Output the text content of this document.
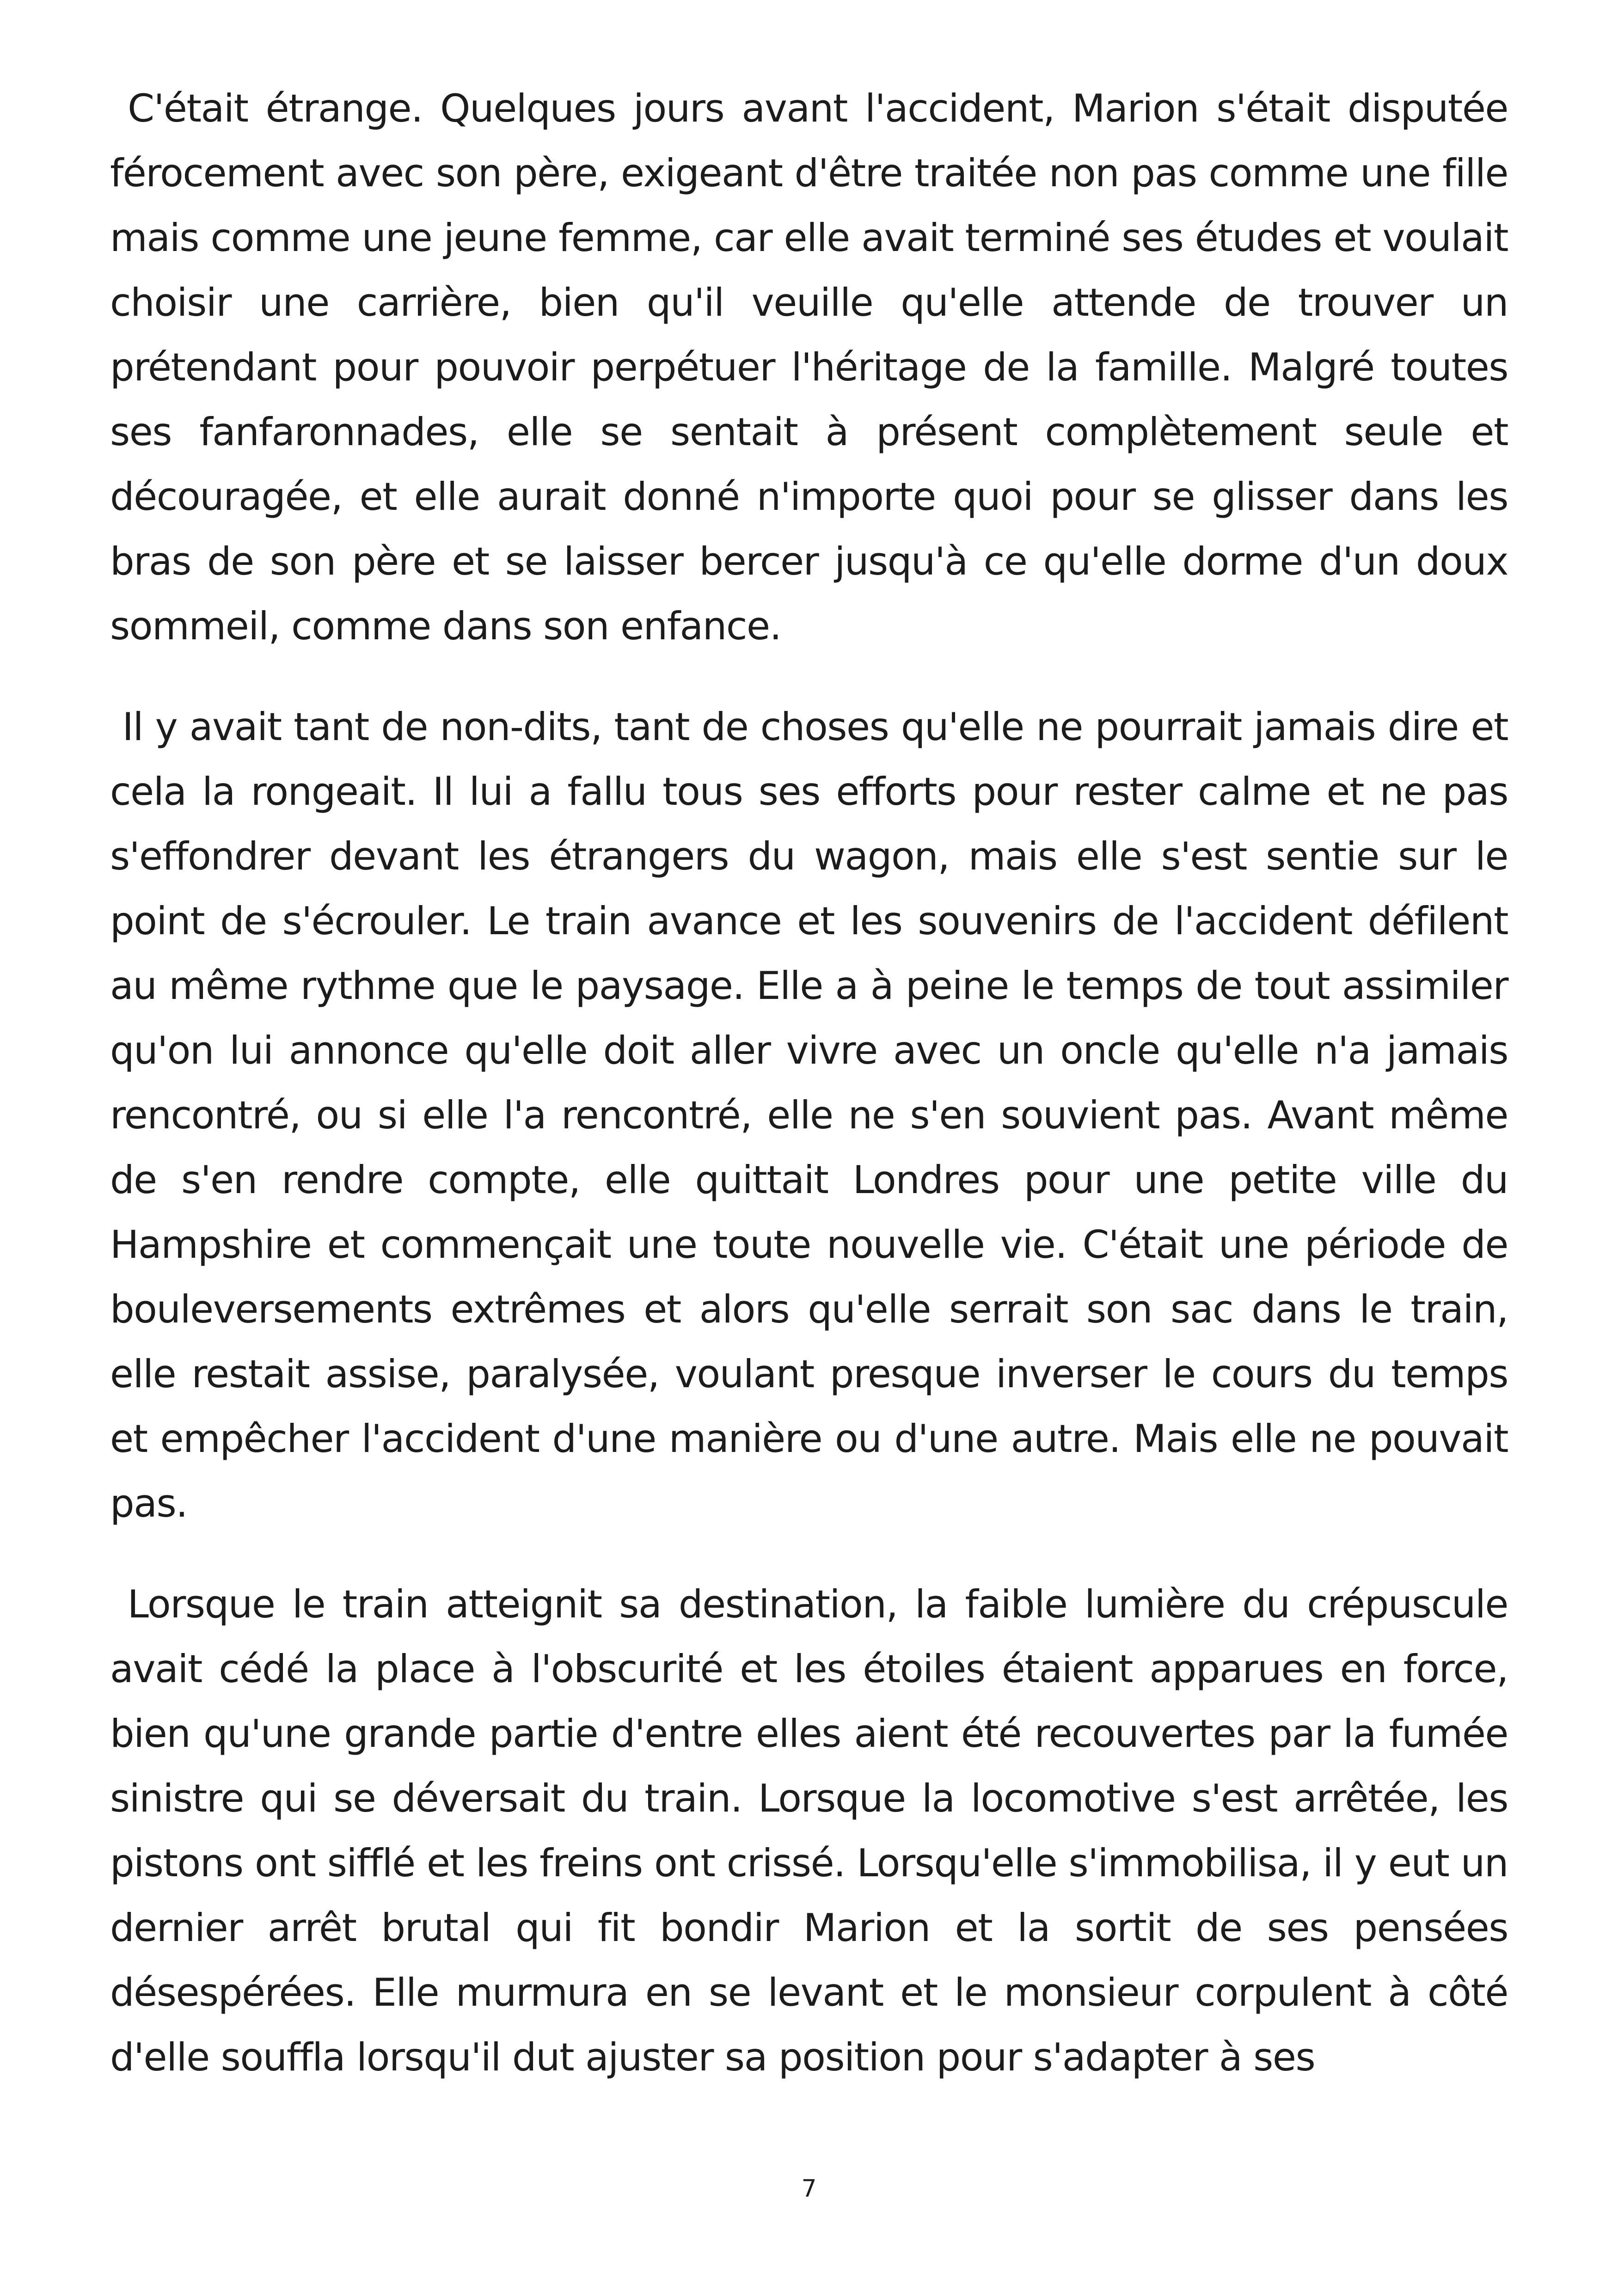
C'était étrange. Quelques jours avant l'accident, Marion s'était disputée férocement avec son père, exigeant d'être traitée non pas comme une fille mais comme une jeune femme, car elle avait terminé ses études et voulait choisir une carrière, bien qu'il veuille qu'elle attende de trouver un prétendant pour pouvoir perpétuer l'héritage de la famille. Malgré toutes ses fanfaronnades, elle se sentait à présent complètement seule et découragée, et elle aurait donné n'importe quoi pour se glisser dans les bras de son père et se laisser bercer jusqu'à ce qu'elle dorme d'un doux sommeil, comme dans son enfance.

Il y avait tant de non-dits, tant de choses qu'elle ne pourrait jamais dire et cela la rongeait. Il lui a fallu tous ses efforts pour rester calme et ne pas s'effondrer devant les étrangers du wagon, mais elle s'est sentie sur le point de s'écrouler. Le train avance et les souvenirs de l'accident défilent au même rythme que le paysage. Elle a à peine le temps de tout assimiler qu'on lui annonce qu'elle doit aller vivre avec un oncle qu'elle n'a jamais rencontré, ou si elle l'a rencontré, elle ne s'en souvient pas. Avant même de s'en rendre compte, elle quittait Londres pour une petite ville du Hampshire et commençait une toute nouvelle vie. C'était une période de bouleversements extrêmes et alors qu'elle serrait son sac dans le train, elle restait assise, paralysée, voulant presque inverser le cours du temps et empêcher l'accident d'une manière ou d'une autre. Mais elle ne pouvait pas.

Lorsque le train atteignit sa destination, la faible lumière du crépuscule avait cédé la place à l'obscurité et les étoiles étaient apparues en force, bien qu'une grande partie d'entre elles aient été recouvertes par la fumée sinistre qui se déversait du train. Lorsque la locomotive s'est arrêtée, les pistons ont sifflé et les freins ont crissé. Lorsqu'elle s'immobilisa, il y eut un dernier arrêt brutal qui fit bondir Marion et la sortit de ses pensées désespérées. Elle murmura en se levant et le monsieur corpulent à côté d'elle souffla lorsqu'il dut ajuster sa position pour s'adapter à ses

7
